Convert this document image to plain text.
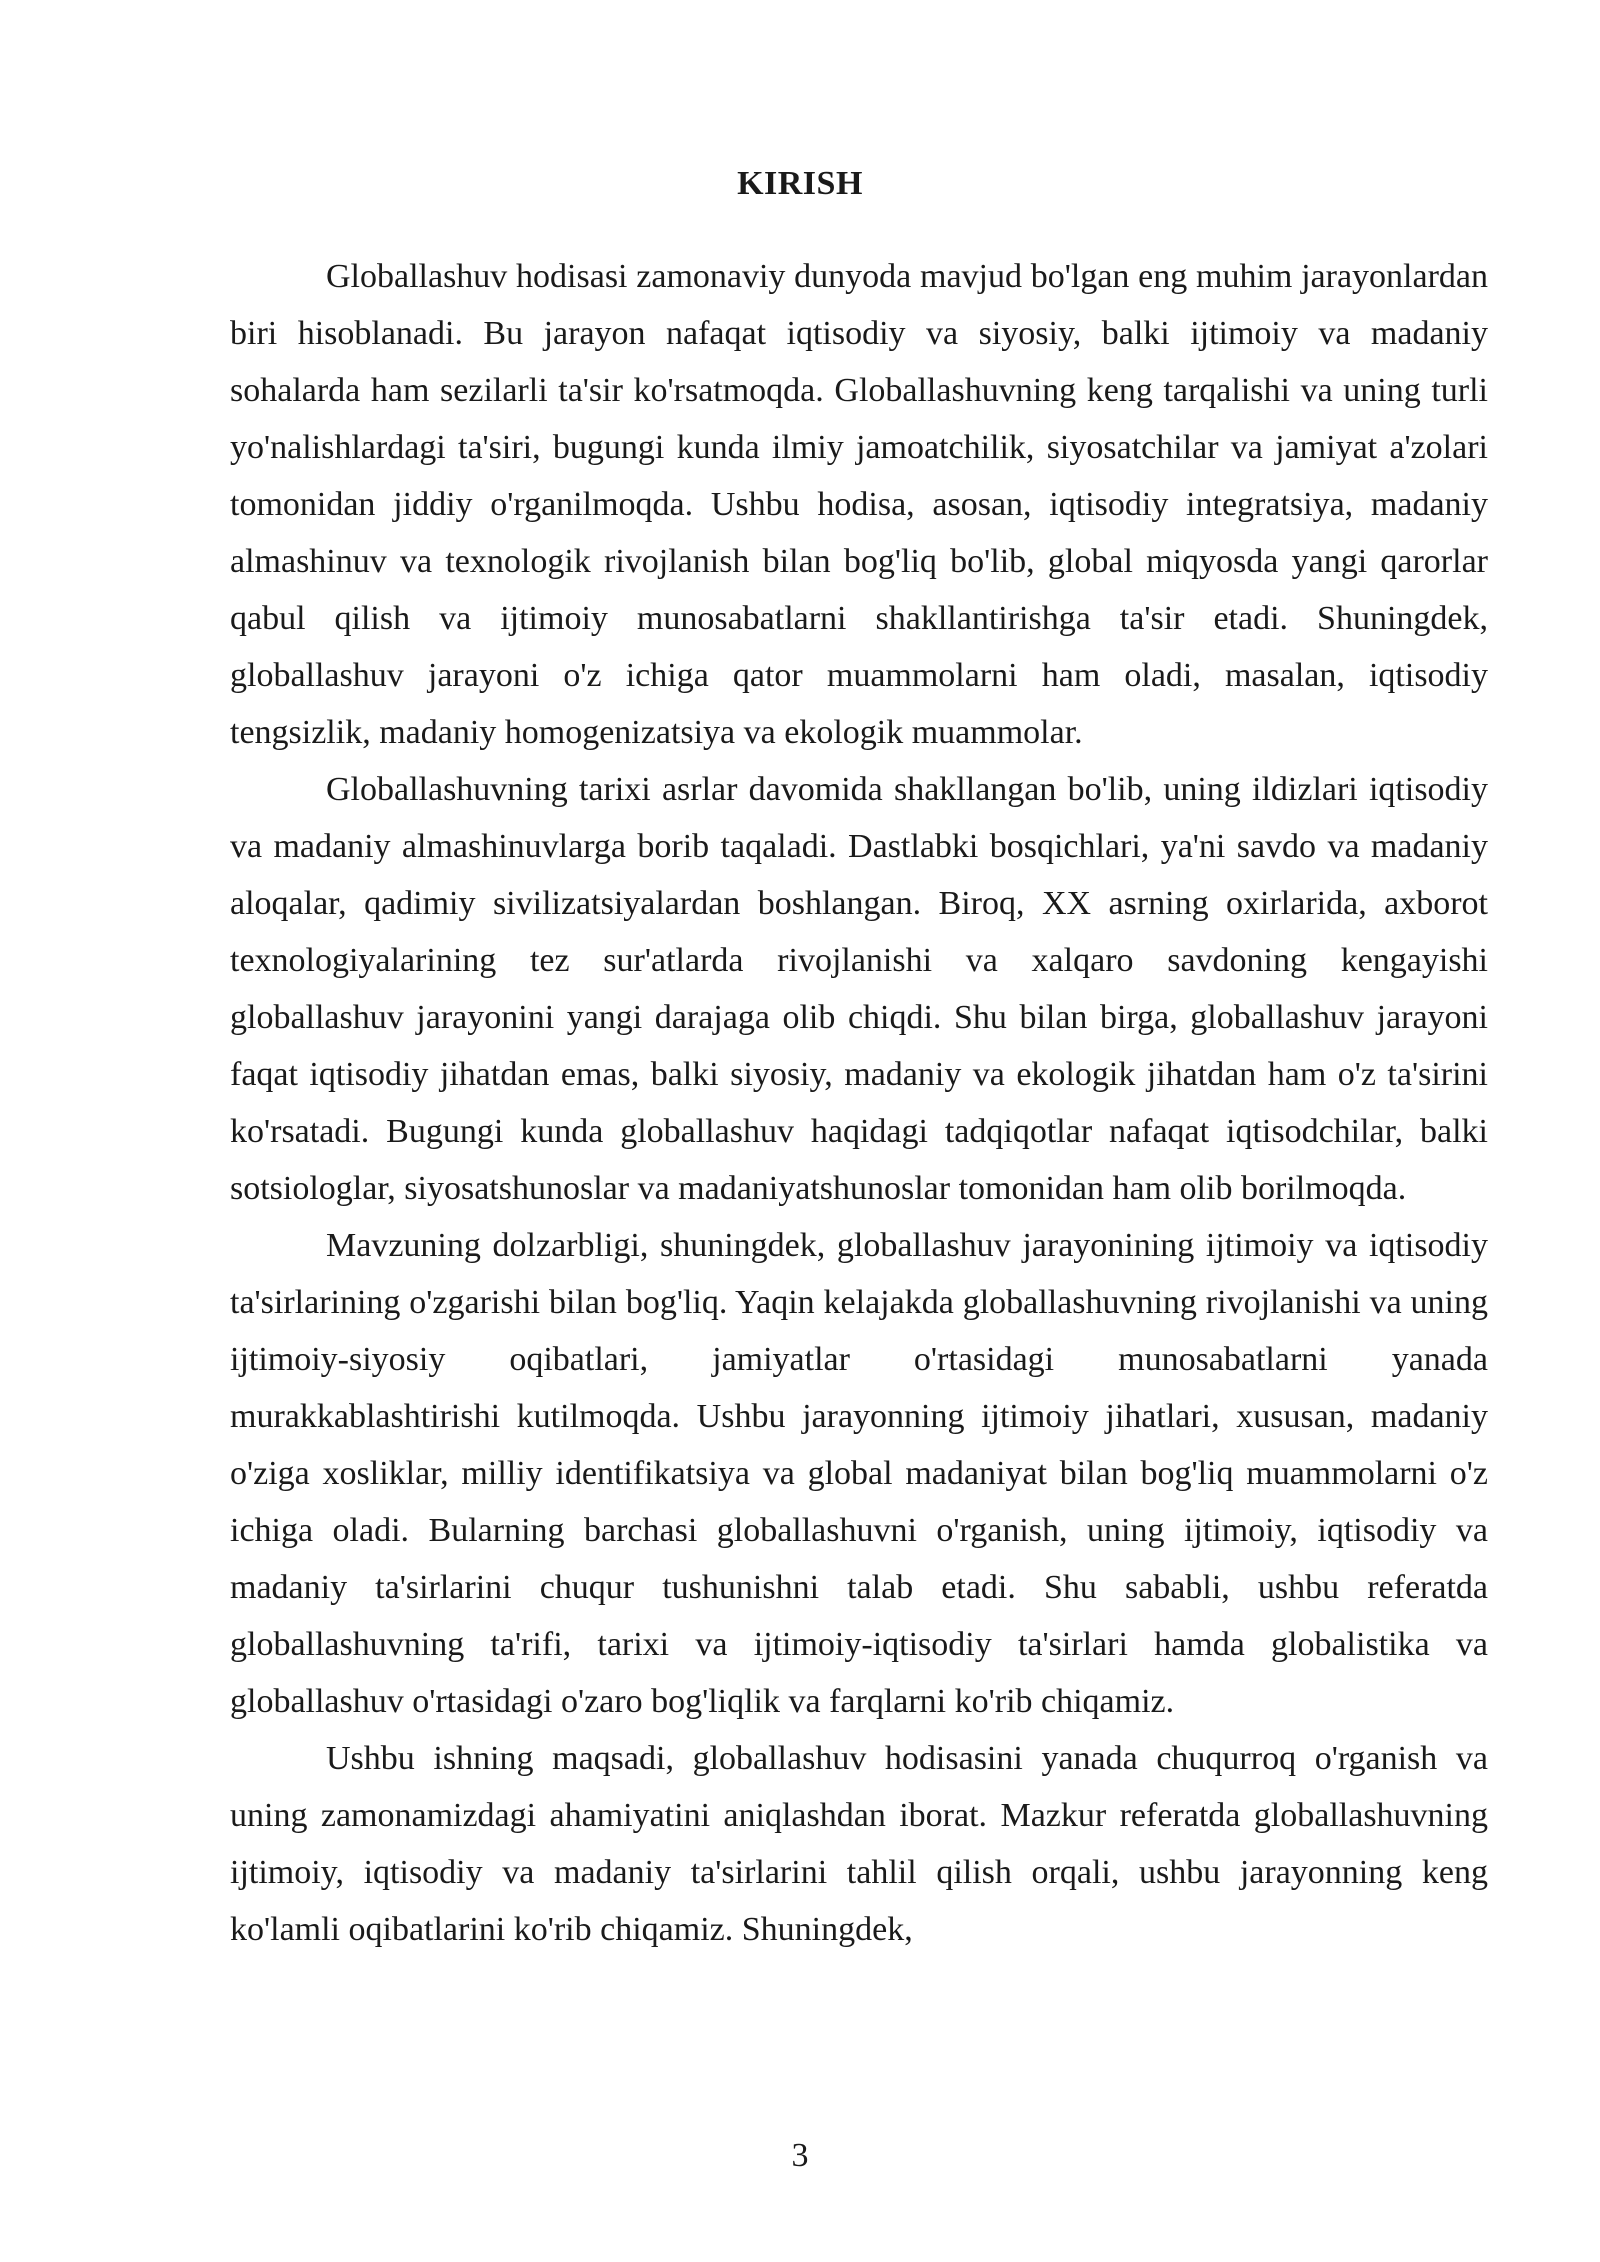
KIRISH

Globallashuv hodisasi zamonaviy dunyoda mavjud bo'lgan eng muhim jarayonlardan biri hisoblanadi. Bu jarayon nafaqat iqtisodiy va siyosiy, balki ijtimoiy va madaniy sohalarda ham sezilarli ta'sir ko'rsatmoqda. Globallashuvning keng tarqalishi va uning turli yo'nalishlardagi ta'siri, bugungi kunda ilmiy jamoatchilik, siyosatchilar va jamiyat a'zolari tomonidan jiddiy o'rganilmoqda. Ushbu hodisa, asosan, iqtisodiy integratsiya, madaniy almashinuv va texnologik rivojlanish bilan bog'liq bo'lib, global miqyosda yangi qarorlar qabul qilish va ijtimoiy munosabatlarni shakllantirishga ta'sir etadi. Shuningdek, globallashuv jarayoni o'z ichiga qator muammolarni ham oladi, masalan, iqtisodiy tengsizlik, madaniy homogenizatsiya va ekologik muammolar.

Globallashuvning tarixi asrlar davomida shakllangan bo'lib, uning ildizlari iqtisodiy va madaniy almashinuvlarga borib taqaladi. Dastlabki bosqichlari, ya'ni savdo va madaniy aloqalar, qadimiy sivilizatsiyalardan boshlangan. Biroq, XX asrning oxirlarida, axborot texnologiyalarining tez sur'atlarda rivojlanishi va xalqaro savdoning kengayishi globallashuv jarayonini yangi darajaga olib chiqdi. Shu bilan birga, globallashuv jarayoni faqat iqtisodiy jihatdan emas, balki siyosiy, madaniy va ekologik jihatdan ham o'z ta'sirini ko'rsatadi. Bugungi kunda globallashuv haqidagi tadqiqotlar nafaqat iqtisodchilar, balki sotsiologlar, siyosatshunoslar va madaniyatshunoslar tomonidan ham olib borilmoqda.

Mavzuning dolzarbligi, shuningdek, globallashuv jarayonining ijtimoiy va iqtisodiy ta'sirlarining o'zgarishi bilan bog'liq. Yaqin kelajakda globallashuvning rivojlanishi va uning ijtimoiy-siyosiy oqibatlari, jamiyatlar o'rtasidagi munosabatlarni yanada murakkablashtirishi kutilmoqda. Ushbu jarayonning ijtimoiy jihatlari, xususan, madaniy o'ziga xosliklar, milliy identifikatsiya va global madaniyat bilan bog'liq muammolarni o'z ichiga oladi. Bularning barchasi globallashuvni o'rganish, uning ijtimoiy, iqtisodiy va madaniy ta'sirlarini chuqur tushunishni talab etadi. Shu sababli, ushbu referatda globallashuvning ta'rifi, tarixi va ijtimoiy-iqtisodiy ta'sirlari hamda globalistika va globallashuv o'rtasidagi o'zaro bog'liqlik va farqlarni ko'rib chiqamiz.

Ushbu ishning maqsadi, globallashuv hodisasini yanada chuqurroq o'rganish va uning zamonamizdagi ahamiyatini aniqlashdan iborat. Mazkur referatda globallashuvning ijtimoiy, iqtisodiy va madaniy ta'sirlarini tahlil qilish orqali, ushbu jarayonning keng ko'lamli oqibatlarini ko'rib chiqamiz. Shuningdek,

3
